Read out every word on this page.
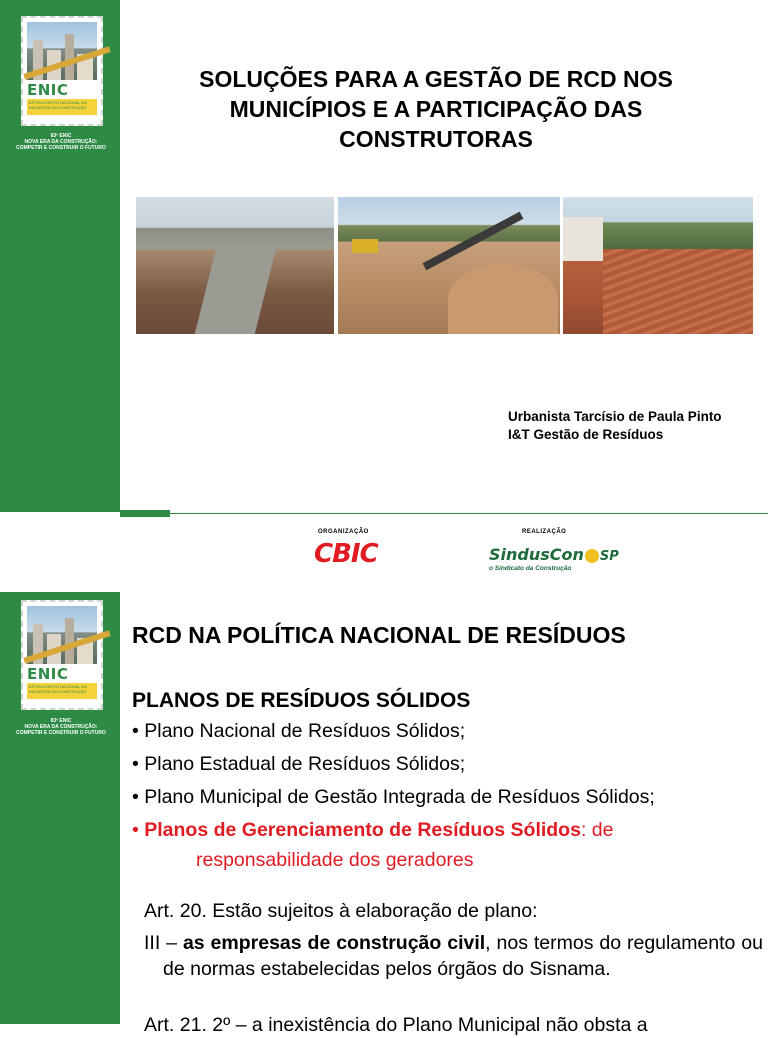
ENIC
83º ENCONTRO NACIONAL DA INDÚSTRIA DA CONSTRUÇÃO
83º ENIC
NOVA ERA DA CONSTRUÇÃO:
COMPETIR E CONSTRUIR O FUTURO
SOLUÇÕES PARA A GESTÃO DE RCD NOS MUNICÍPIOS E A PARTICIPAÇÃO DAS CONSTRUTORAS
Urbanista Tarcísio de Paula Pinto
I&T Gestão de Resíduos
ORGANIZAÇÃO	REALIZAÇÃO
CBIC	SindusCon SP
o Sindicato da Construção
ENIC
83º ENCONTRO NACIONAL DA INDÚSTRIA DA CONSTRUÇÃO
83º ENIC
NOVA ERA DA CONSTRUÇÃO:
COMPETIR E CONSTRUIR O FUTURO
RCD NA POLÍTICA NACIONAL DE RESÍDUOS
PLANOS DE RESÍDUOS SÓLIDOS
• Plano Nacional de Resíduos Sólidos;
• Plano Estadual de Resíduos Sólidos;
• Plano Municipal de Gestão Integrada de Resíduos Sólidos;
• Planos de Gerenciamento de Resíduos Sólidos: de
responsabilidade dos geradores
Art. 20. Estão sujeitos à elaboração de plano:
III – as empresas de construção civil, nos termos do regulamento ou de normas estabelecidas pelos órgãos do Sisnama.
Art. 21. 2º – a inexistência do Plano Municipal não obsta a
